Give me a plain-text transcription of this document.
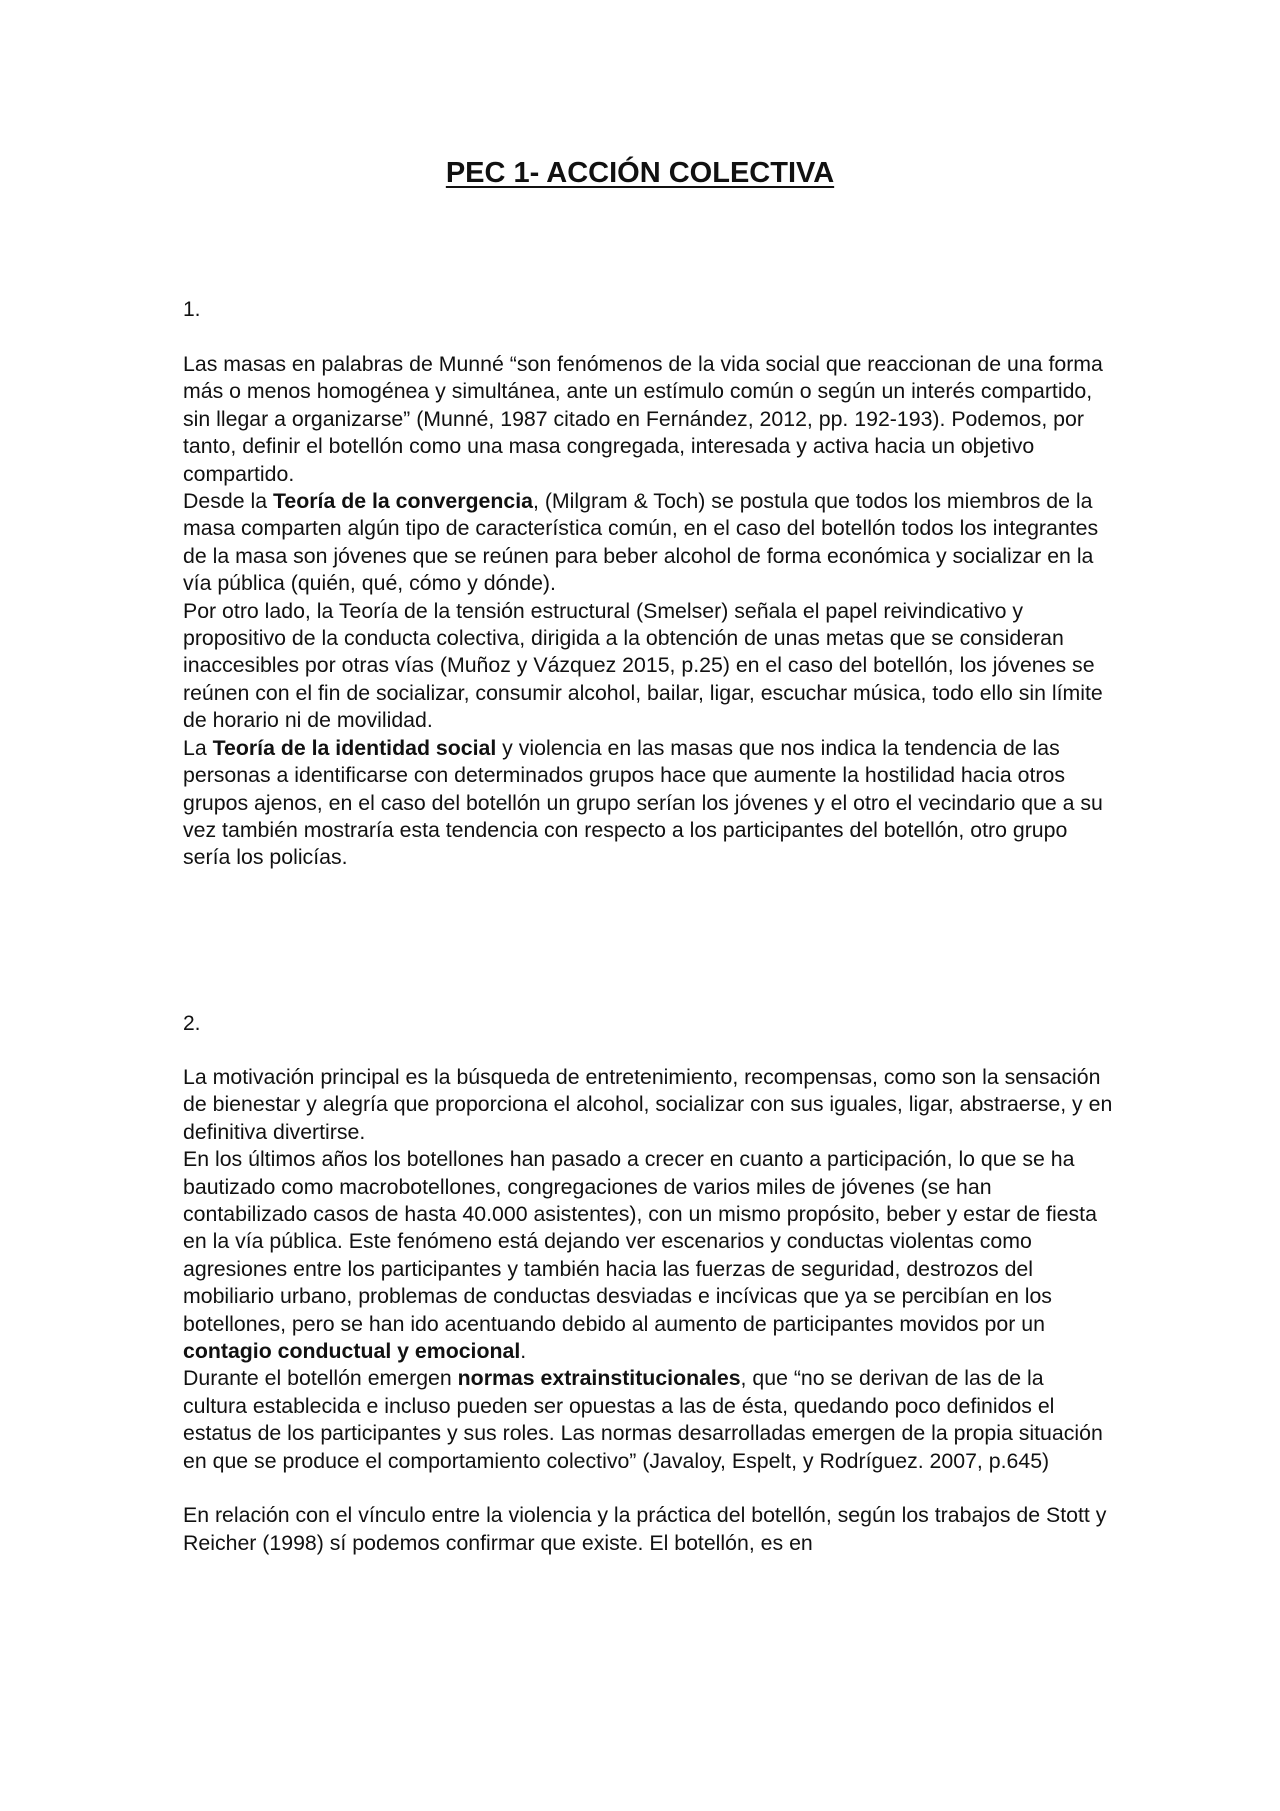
PEC 1- ACCIÓN COLECTIVA
1.

Las masas en palabras de Munné “son fenómenos de la vida social que reaccionan de una forma más o menos homogénea y simultánea, ante un estímulo común o según un interés compartido, sin llegar a organizarse” (Munné, 1987 citado en Fernández, 2012, pp. 192-193). Podemos, por tanto, definir el botellón como una masa congregada, interesada y activa hacia un objetivo compartido.

Desde la Teoría de la convergencia, (Milgram & Toch) se postula que todos los miembros de la masa comparten algún tipo de característica común, en el caso del botellón todos los integrantes de la masa son jóvenes que se reúnen para beber alcohol de forma económica y socializar en la vía pública (quién, qué, cómo y dónde).

Por otro lado, la Teoría de la tensión estructural (Smelser) señala el papel reivindicativo y propositivo de la conducta colectiva, dirigida a la obtención de unas metas que se consideran inaccesibles por otras vías (Muñoz y Vázquez 2015, p.25) en el caso del botellón, los jóvenes se reúnen con el fin de socializar, consumir alcohol, bailar, ligar, escuchar música, todo ello sin límite de horario ni de movilidad.

La Teoría de la identidad social y violencia en las masas que nos indica la tendencia de las personas a identificarse con determinados grupos hace que aumente la hostilidad hacia otros grupos ajenos, en el caso del botellón un grupo serían los jóvenes y el otro el vecindario que a su vez también mostraría esta tendencia con respecto a los participantes del botellón, otro grupo sería los policías.

2.

La motivación principal es la búsqueda de entretenimiento, recompensas, como son la sensación de bienestar y alegría que proporciona el alcohol, socializar con sus iguales, ligar, abstraerse, y en definitiva divertirse.

En los últimos años los botellones han pasado a crecer en cuanto a participación, lo que se ha bautizado como macrobotellones, congregaciones de varios miles de jóvenes (se han contabilizado casos de hasta 40.000 asistentes), con un mismo propósito, beber y estar de fiesta en la vía pública. Este fenómeno está dejando ver escenarios y conductas violentas como agresiones entre los participantes y también hacia las fuerzas de seguridad, destrozos del mobiliario urbano, problemas de conductas desviadas e incívicas que ya se percibían en los botellones, pero se han ido acentuando debido al aumento de participantes movidos por un contagio conductual y emocional.

Durante el botellón emergen normas extrainstitucionales, que “no se derivan de las de la cultura establecida e incluso pueden ser opuestas a las de ésta, quedando poco definidos el estatus de los participantes y sus roles. Las normas desarrolladas emergen de la propia situación en que se produce el comportamiento colectivo” (Javaloy, Espelt, y Rodríguez. 2007, p.645)

En relación con el vínculo entre la violencia y la práctica del botellón, según los trabajos de Stott y Reicher (1998) sí podemos confirmar que existe. El botellón, es en
